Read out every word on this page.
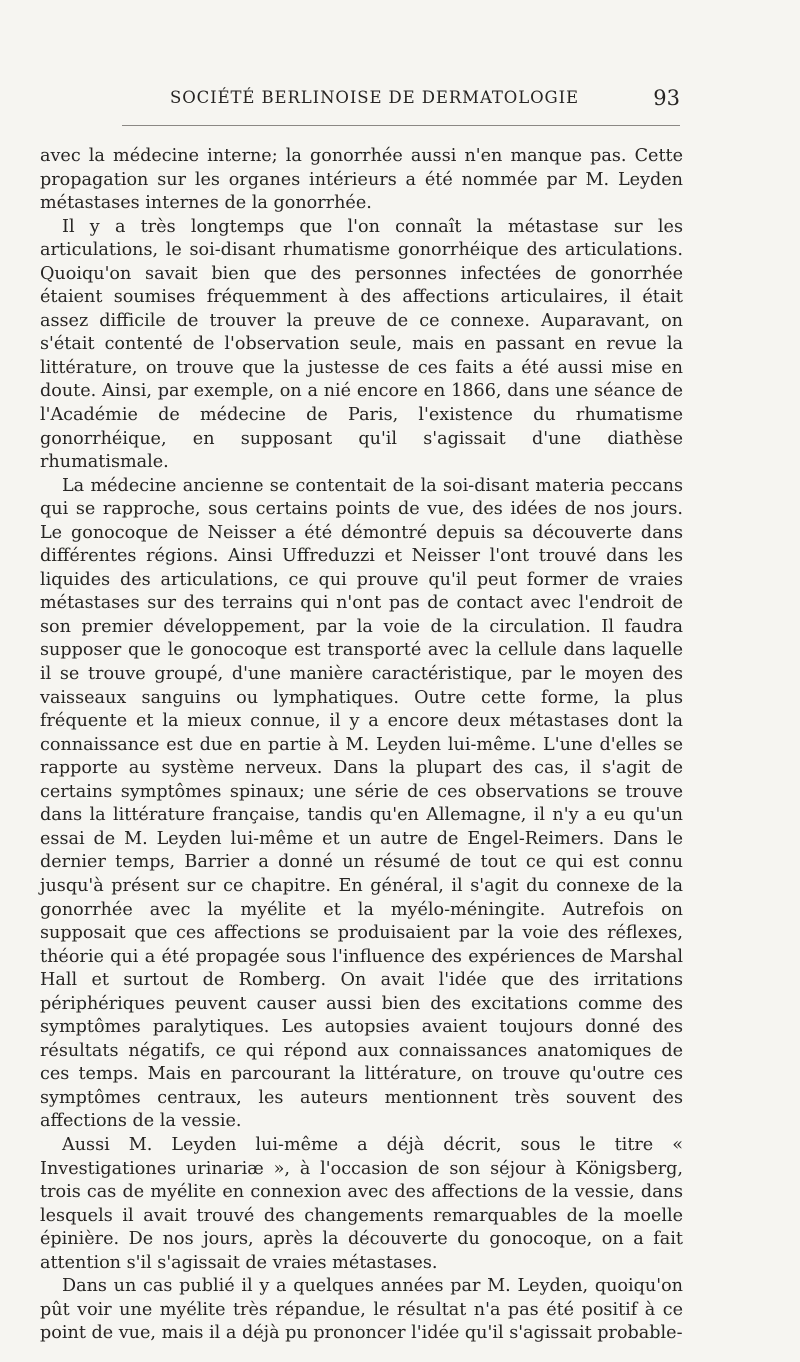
SOCIÉTÉ BERLINOISE DE DERMATOLOGIE	93

avec la médecine interne; la gonorrhée aussi n'en manque pas. Cette propagation sur les organes intérieurs a été nommée par M. Leyden métastases internes de la gonorrhée.

Il y a très longtemps que l'on connaît la métastase sur les articulations, le soi-disant rhumatisme gonorrhéique des articulations. Quoiqu'on savait bien que des personnes infectées de gonorrhée étaient soumises fréquemment à des affections articulaires, il était assez difficile de trouver la preuve de ce connexe. Auparavant, on s'était contenté de l'observation seule, mais en passant en revue la littérature, on trouve que la justesse de ces faits a été aussi mise en doute. Ainsi, par exemple, on a nié encore en 1866, dans une séance de l'Académie de médecine de Paris, l'existence du rhumatisme gonorrhéique, en supposant qu'il s'agissait d'une diathèse rhumatismale.

La médecine ancienne se contentait de la soi-disant materia peccans qui se rapproche, sous certains points de vue, des idées de nos jours. Le gonocoque de Neisser a été démontré depuis sa découverte dans différentes régions. Ainsi Uffreduzzi et Neisser l'ont trouvé dans les liquides des articulations, ce qui prouve qu'il peut former de vraies métastases sur des terrains qui n'ont pas de contact avec l'endroit de son premier développement, par la voie de la circulation. Il faudra supposer que le gonocoque est transporté avec la cellule dans laquelle il se trouve groupé, d'une manière caractéristique, par le moyen des vaisseaux sanguins ou lymphatiques. Outre cette forme, la plus fréquente et la mieux connue, il y a encore deux métastases dont la connaissance est due en partie à M. Leyden lui-même. L'une d'elles se rapporte au système nerveux. Dans la plupart des cas, il s'agit de certains symptômes spinaux; une série de ces observations se trouve dans la littérature française, tandis qu'en Allemagne, il n'y a eu qu'un essai de M. Leyden lui-même et un autre de Engel-Reimers. Dans le dernier temps, Barrier a donné un résumé de tout ce qui est connu jusqu'à présent sur ce chapitre. En général, il s'agit du connexe de la gonorrhée avec la myélite et la myélo-méningite. Autrefois on supposait que ces affections se produisaient par la voie des réflexes, théorie qui a été propagée sous l'influence des expériences de Marshal Hall et surtout de Romberg. On avait l'idée que des irritations périphériques peuvent causer aussi bien des excitations comme des symptômes paralytiques. Les autopsies avaient toujours donné des résultats négatifs, ce qui répond aux connaissances anatomiques de ces temps. Mais en parcourant la littérature, on trouve qu'outre ces symptômes centraux, les auteurs mentionnent très souvent des affections de la vessie.

Aussi M. Leyden lui-même a déjà décrit, sous le titre « Investigationes urinariæ », à l'occasion de son séjour à Königsberg, trois cas de myélite en connexion avec des affections de la vessie, dans lesquels il avait trouvé des changements remarquables de la moelle épinière. De nos jours, après la découverte du gonocoque, on a fait attention s'il s'agissait de vraies métastases.

Dans un cas publié il y a quelques années par M. Leyden, quoiqu'on pût voir une myélite très répandue, le résultat n'a pas été positif à ce point de vue, mais il a déjà pu prononcer l'idée qu'il s'agissait probable-
